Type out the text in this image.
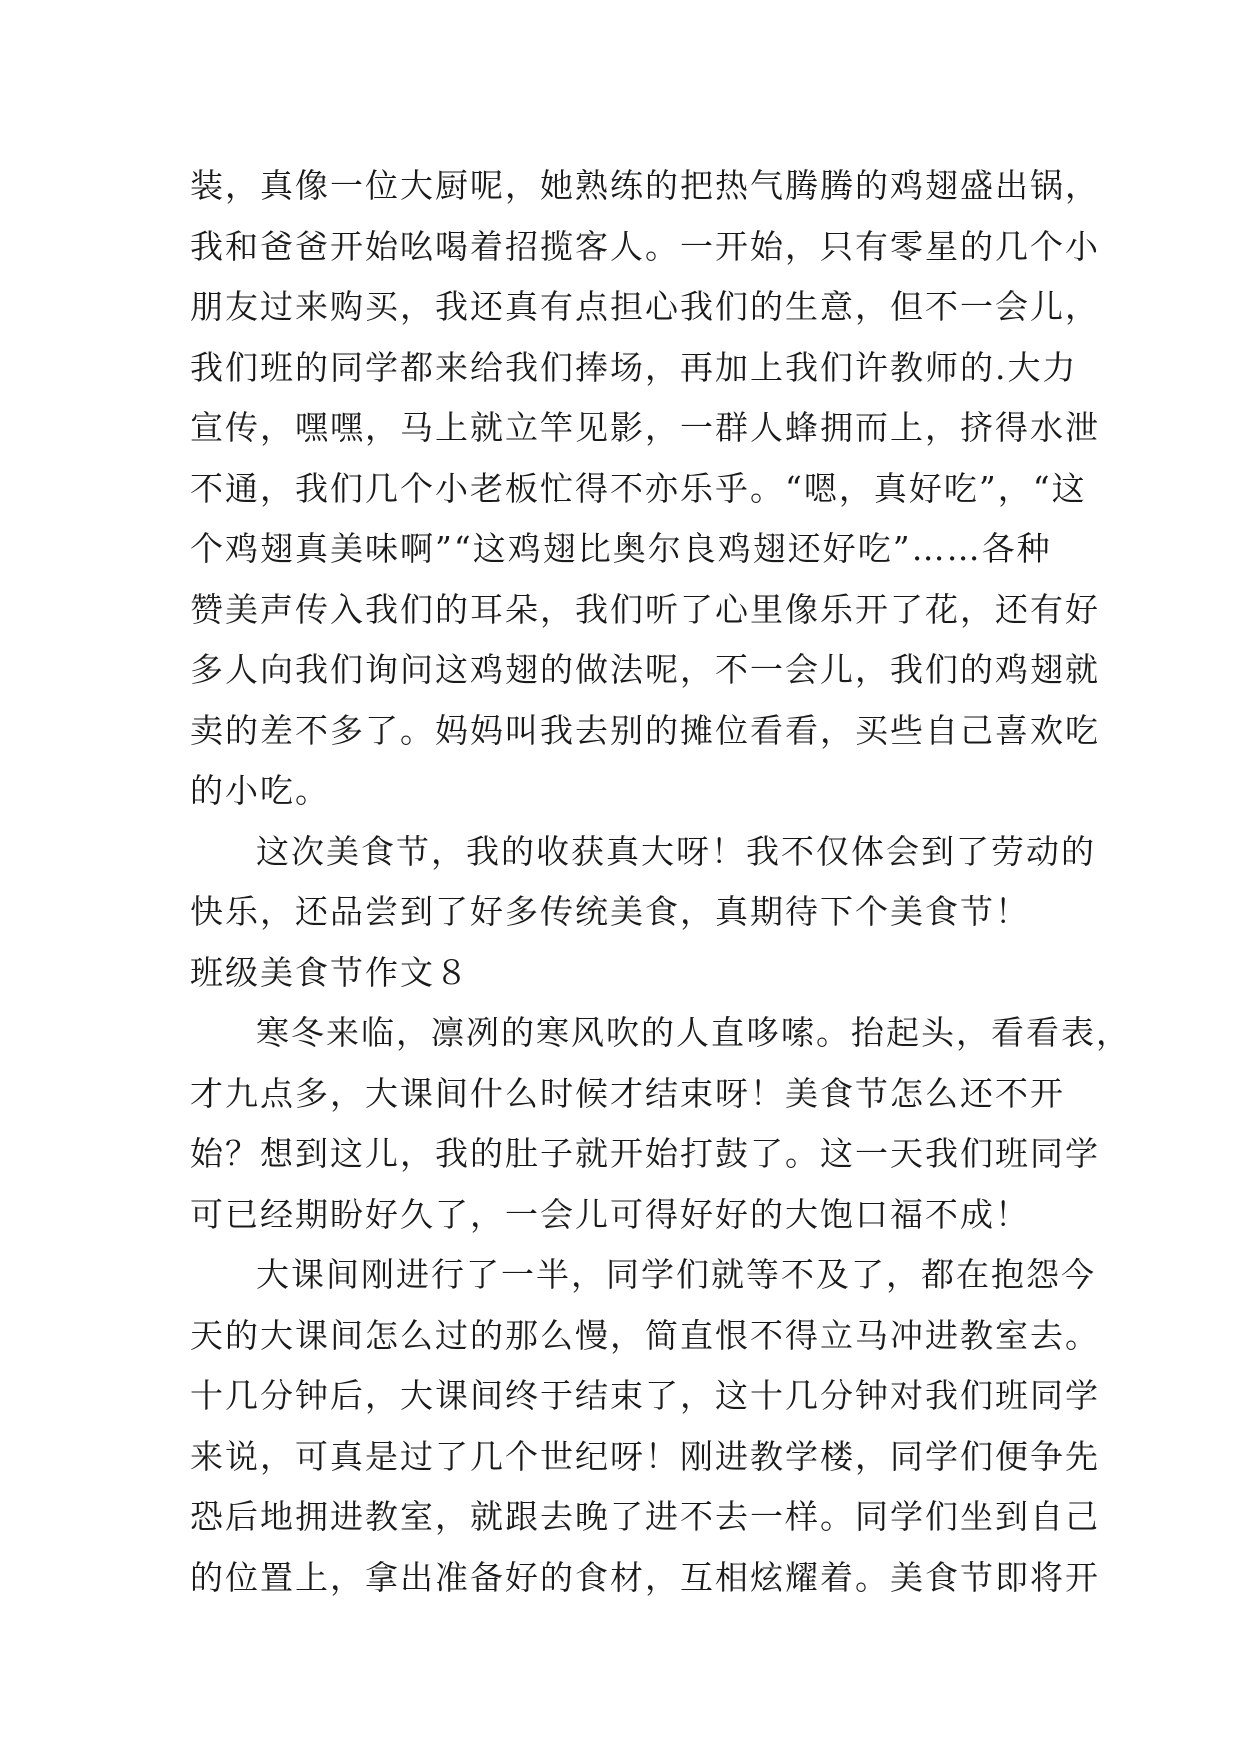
装，真像一位大厨呢，她熟练的把热气腾腾的鸡翅盛出锅，
我和爸爸开始吆喝着招揽客人。一开始，只有零星的几个小
朋友过来购买，我还真有点担心我们的生意，但不一会儿，
我们班的同学都来给我们捧场，再加上我们许教师的.大力
宣传，嘿嘿，马上就立竿见影，一群人蜂拥而上，挤得水泄
不通，我们几个小老板忙得不亦乐乎。“嗯，真好吃”，“这
个鸡翅真美味啊”“这鸡翅比奥尔良鸡翅还好吃”……各种
赞美声传入我们的耳朵，我们听了心里像乐开了花，还有好
多人向我们询问这鸡翅的做法呢，不一会儿，我们的鸡翅就
卖的差不多了。妈妈叫我去别的摊位看看，买些自己喜欢吃
的小吃。
这次美食节，我的收获真大呀！我不仅体会到了劳动的
快乐，还品尝到了好多传统美食，真期待下个美食节！
班级美食节作文８
寒冬来临，凛冽的寒风吹的人直哆嗦。抬起头，看看表，
才九点多，大课间什么时候才结束呀！美食节怎么还不开
始？想到这儿，我的肚子就开始打鼓了。这一天我们班同学
可已经期盼好久了，一会儿可得好好的大饱口福不成！
大课间刚进行了一半，同学们就等不及了，都在抱怨今
天的大课间怎么过的那么慢，简直恨不得立马冲进教室去。
十几分钟后，大课间终于结束了，这十几分钟对我们班同学
来说，可真是过了几个世纪呀！刚进教学楼，同学们便争先
恐后地拥进教室，就跟去晚了进不去一样。同学们坐到自己
的位置上，拿出准备好的食材，互相炫耀着。美食节即将开
